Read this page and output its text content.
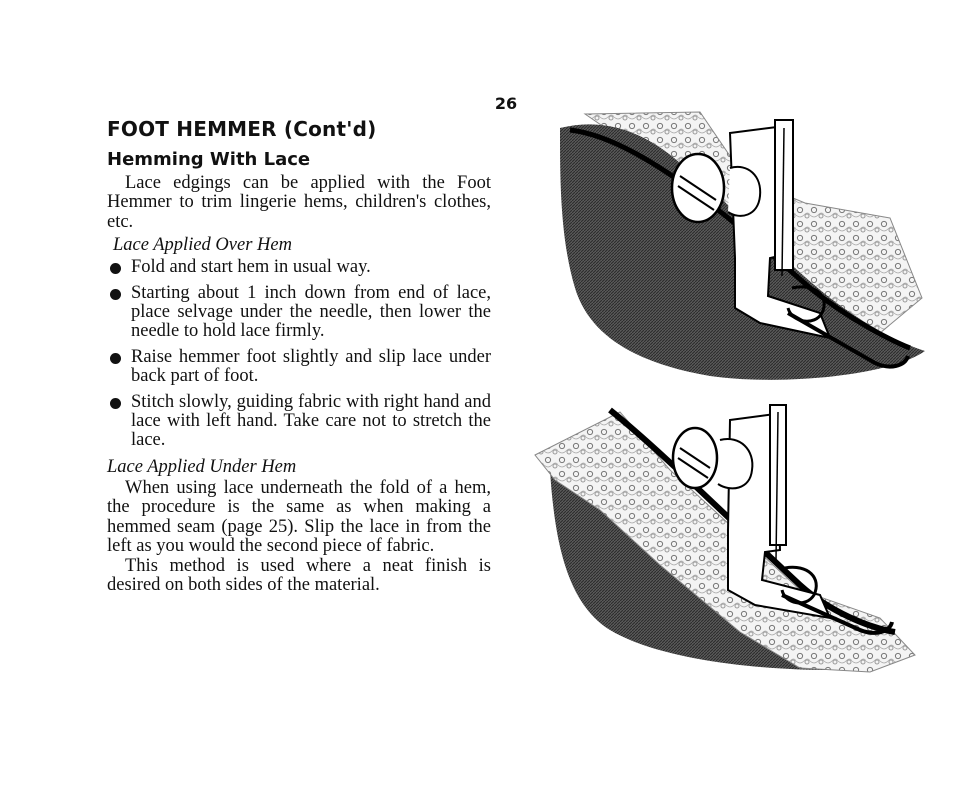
26
FOOT HEMMER (Cont'd)
Hemming With Lace

Lace edgings can be applied with the Foot Hemmer to trim lingerie hems, children's clothes, etc.

Lace Applied Over Hem
Fold and start hem in usual way.
Starting about 1 inch down from end of lace, place selvage under the needle, then lower the needle to hold lace firmly.
Raise hemmer foot slightly and slip lace under back part of foot.
Stitch slowly, guiding fabric with right hand and lace with left hand. Take care not to stretch the lace.
Lace Applied Under Hem

When using lace underneath the fold of a hem, the procedure is the same as when making a hemmed seam (page 25). Slip the lace in from the left as you would the second piece of fabric.

This method is used where a neat finish is desired on both sides of the material.
